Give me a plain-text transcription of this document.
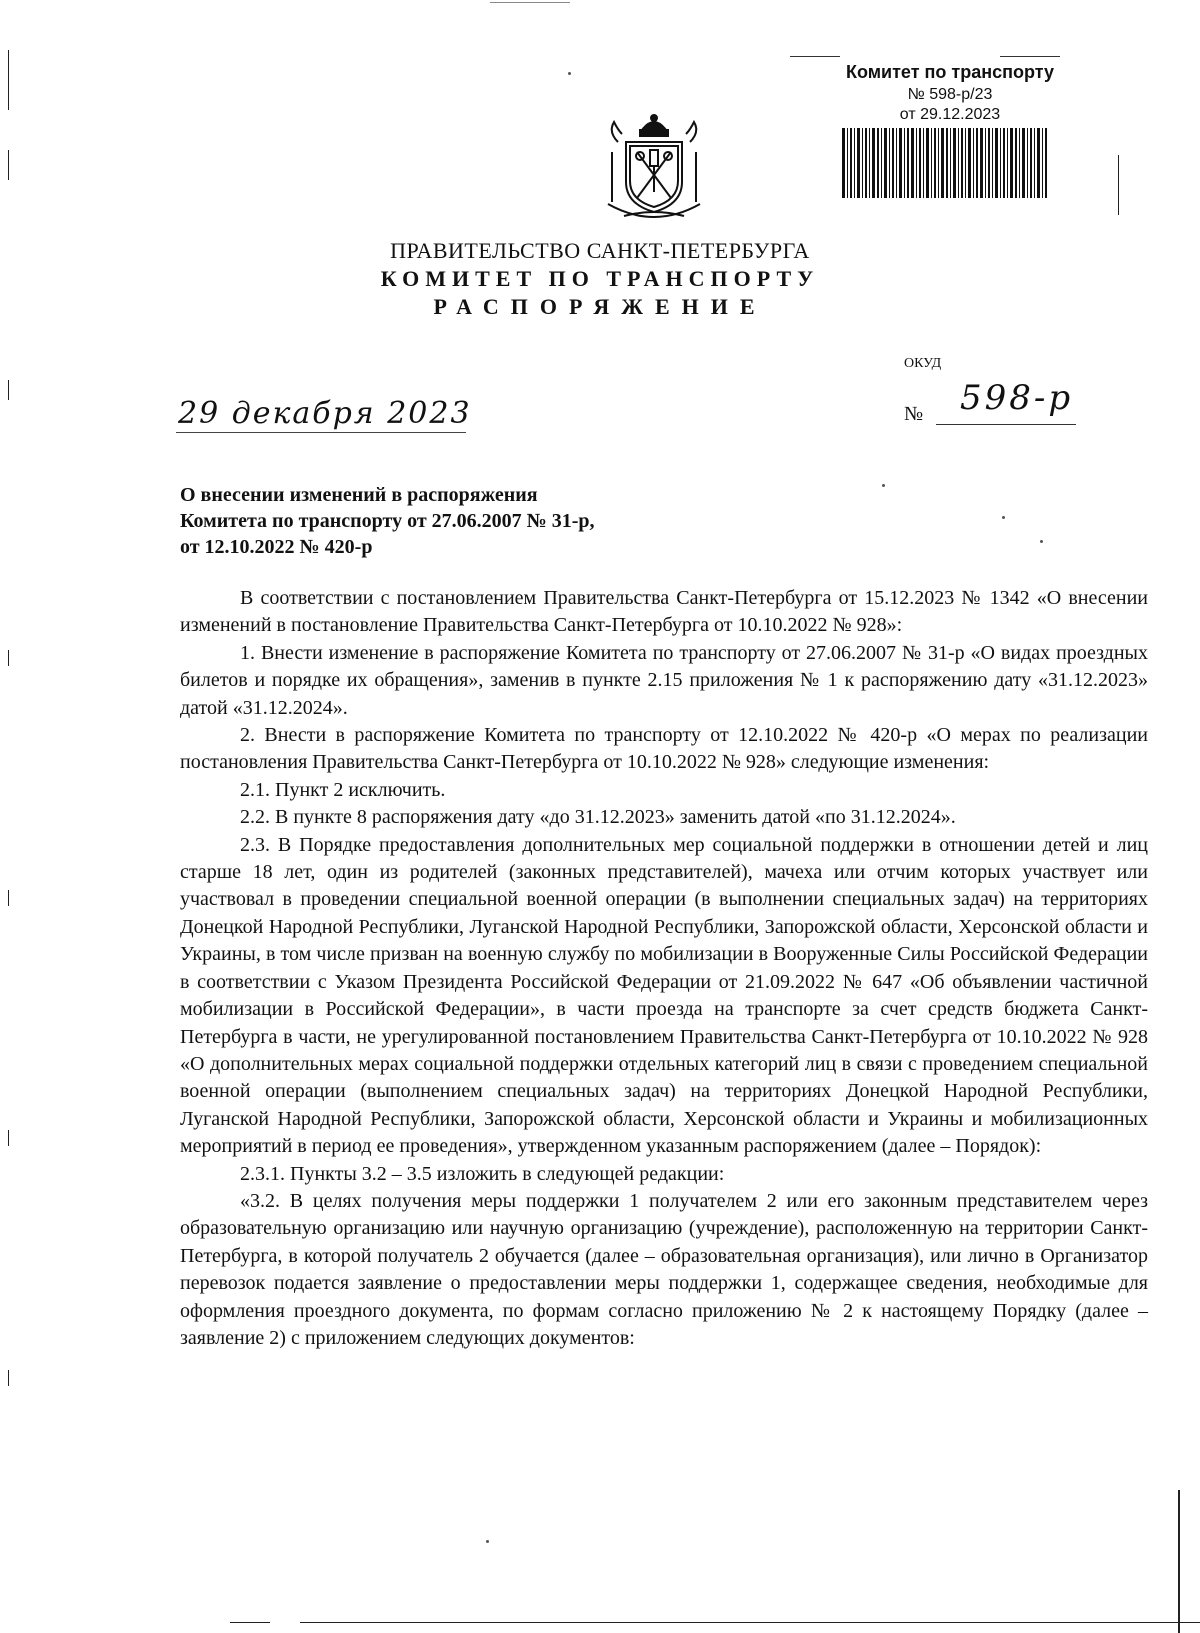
Комитет по транспорту
№ 598-р/23
от 29.12.2023
ПРАВИТЕЛЬСТВО САНКТ-ПЕТЕРБУРГА
КОМИТЕТ ПО ТРАНСПОРТУ
РАСПОРЯЖЕНИЕ
ОКУД
29 декабря 2023	№ 598-р
О внесении изменений в распоряжения
Комитета по транспорту от 27.06.2007 № 31-р,
от 12.10.2022 № 420-р

В соответствии с постановлением Правительства Санкт-Петербурга от 15.12.2023 № 1342 «О внесении изменений в постановление Правительства Санкт-Петербурга от 10.10.2022 № 928»:

1. Внести изменение в распоряжение Комитета по транспорту от 27.06.2007 № 31-р «О видах проездных билетов и порядке их обращения», заменив в пункте 2.15 приложения № 1 к распоряжению дату «31.12.2023» датой «31.12.2024».

2. Внести в распоряжение Комитета по транспорту от 12.10.2022 № 420-р «О мерах по реализации постановления Правительства Санкт-Петербурга от 10.10.2022 № 928» следующие изменения:

2.1. Пункт 2 исключить.

2.2. В пункте 8 распоряжения дату «до 31.12.2023» заменить датой «по 31.12.2024».

2.3. В Порядке предоставления дополнительных мер социальной поддержки в отношении детей и лиц старше 18 лет, один из родителей (законных представителей), мачеха или отчим которых участвует или участвовал в проведении специальной военной операции (в выполнении специальных задач) на территориях Донецкой Народной Республики, Луганской Народной Республики, Запорожской области, Херсонской области и Украины, в том числе призван на военную службу по мобилизации в Вооруженные Силы Российской Федерации в соответствии с Указом Президента Российской Федерации от 21.09.2022 № 647 «Об объявлении частичной мобилизации в Российской Федерации», в части проезда на транспорте за счет средств бюджета Санкт-Петербурга в части, не урегулированной постановлением Правительства Санкт-Петербурга от 10.10.2022 № 928 «О дополнительных мерах социальной поддержки отдельных категорий лиц в связи с проведением специальной военной операции (выполнением специальных задач) на территориях Донецкой Народной Республики, Луганской Народной Республики, Запорожской области, Херсонской области и Украины и мобилизационных мероприятий в период ее проведения», утвержденном указанным распоряжением (далее – Порядок):

2.3.1. Пункты 3.2 – 3.5 изложить в следующей редакции:

«3.2. В целях получения меры поддержки 1 получателем 2 или его законным представителем через образовательную организацию или научную организацию (учреждение), расположенную на территории Санкт-Петербурга, в которой получатель 2 обучается (далее – образовательная организация), или лично в Организатор перевозок подается заявление о предоставлении меры поддержки 1, содержащее сведения, необходимые для оформления проездного документа, по формам согласно приложению № 2 к настоящему Порядку (далее – заявление 2) с приложением следующих документов:
